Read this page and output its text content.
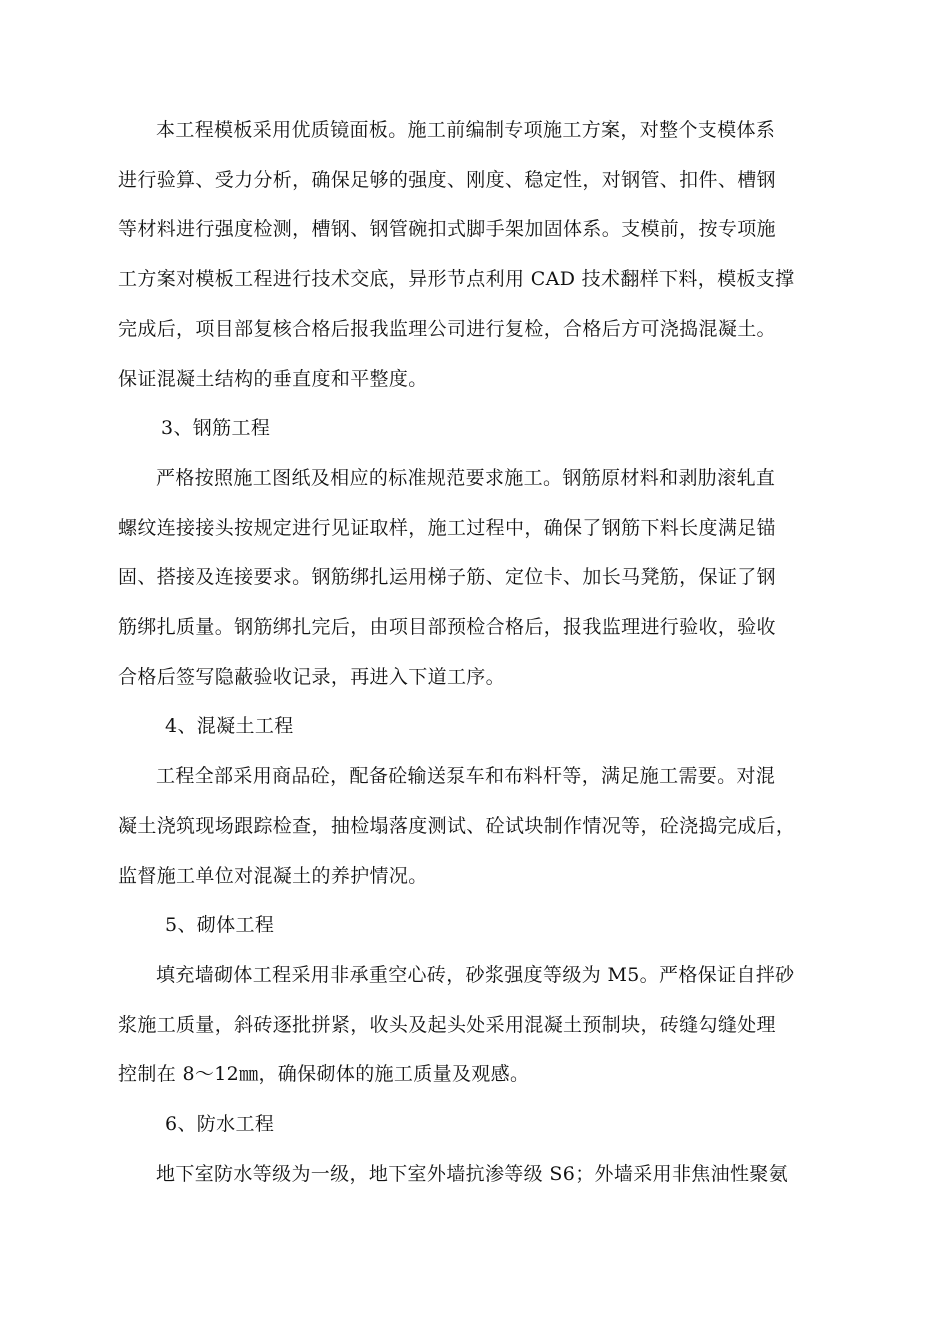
本工程模板采用优质镜面板。施工前编制专项施工方案，对整个支模体系
进行验算、受力分析，确保足够的强度、刚度、稳定性，对钢管、扣件、槽钢
等材料进行强度检测，槽钢、钢管碗扣式脚手架加固体系。支模前，按专项施
工方案对模板工程进行技术交底，异形节点利用 CAD 技术翻样下料，模板支撑
完成后，项目部复核合格后报我监理公司进行复检，合格后方可浇捣混凝土。
保证混凝土结构的垂直度和平整度。
3、钢筋工程
严格按照施工图纸及相应的标准规范要求施工。钢筋原材料和剥肋滚轧直
螺纹连接接头按规定进行见证取样，施工过程中，确保了钢筋下料长度满足锚
固、搭接及连接要求。钢筋绑扎运用梯子筋、定位卡、加长马凳筋，保证了钢
筋绑扎质量。钢筋绑扎完后，由项目部预检合格后，报我监理进行验收，验收
合格后签写隐蔽验收记录，再进入下道工序。
4、混凝土工程
工程全部采用商品砼，配备砼输送泵车和布料杆等，满足施工需要。对混
凝土浇筑现场跟踪检查，抽检塌落度测试、砼试块制作情况等，砼浇捣完成后，
监督施工单位对混凝土的养护情况。
5、砌体工程
填充墙砌体工程采用非承重空心砖，砂浆强度等级为 M5。严格保证自拌砂
浆施工质量，斜砖逐批拼紧，收头及起头处采用混凝土预制块，砖缝勾缝处理
控制在 8～12㎜，确保砌体的施工质量及观感。
6、防水工程
地下室防水等级为一级，地下室外墙抗渗等级 S6；外墙采用非焦油性聚氨
